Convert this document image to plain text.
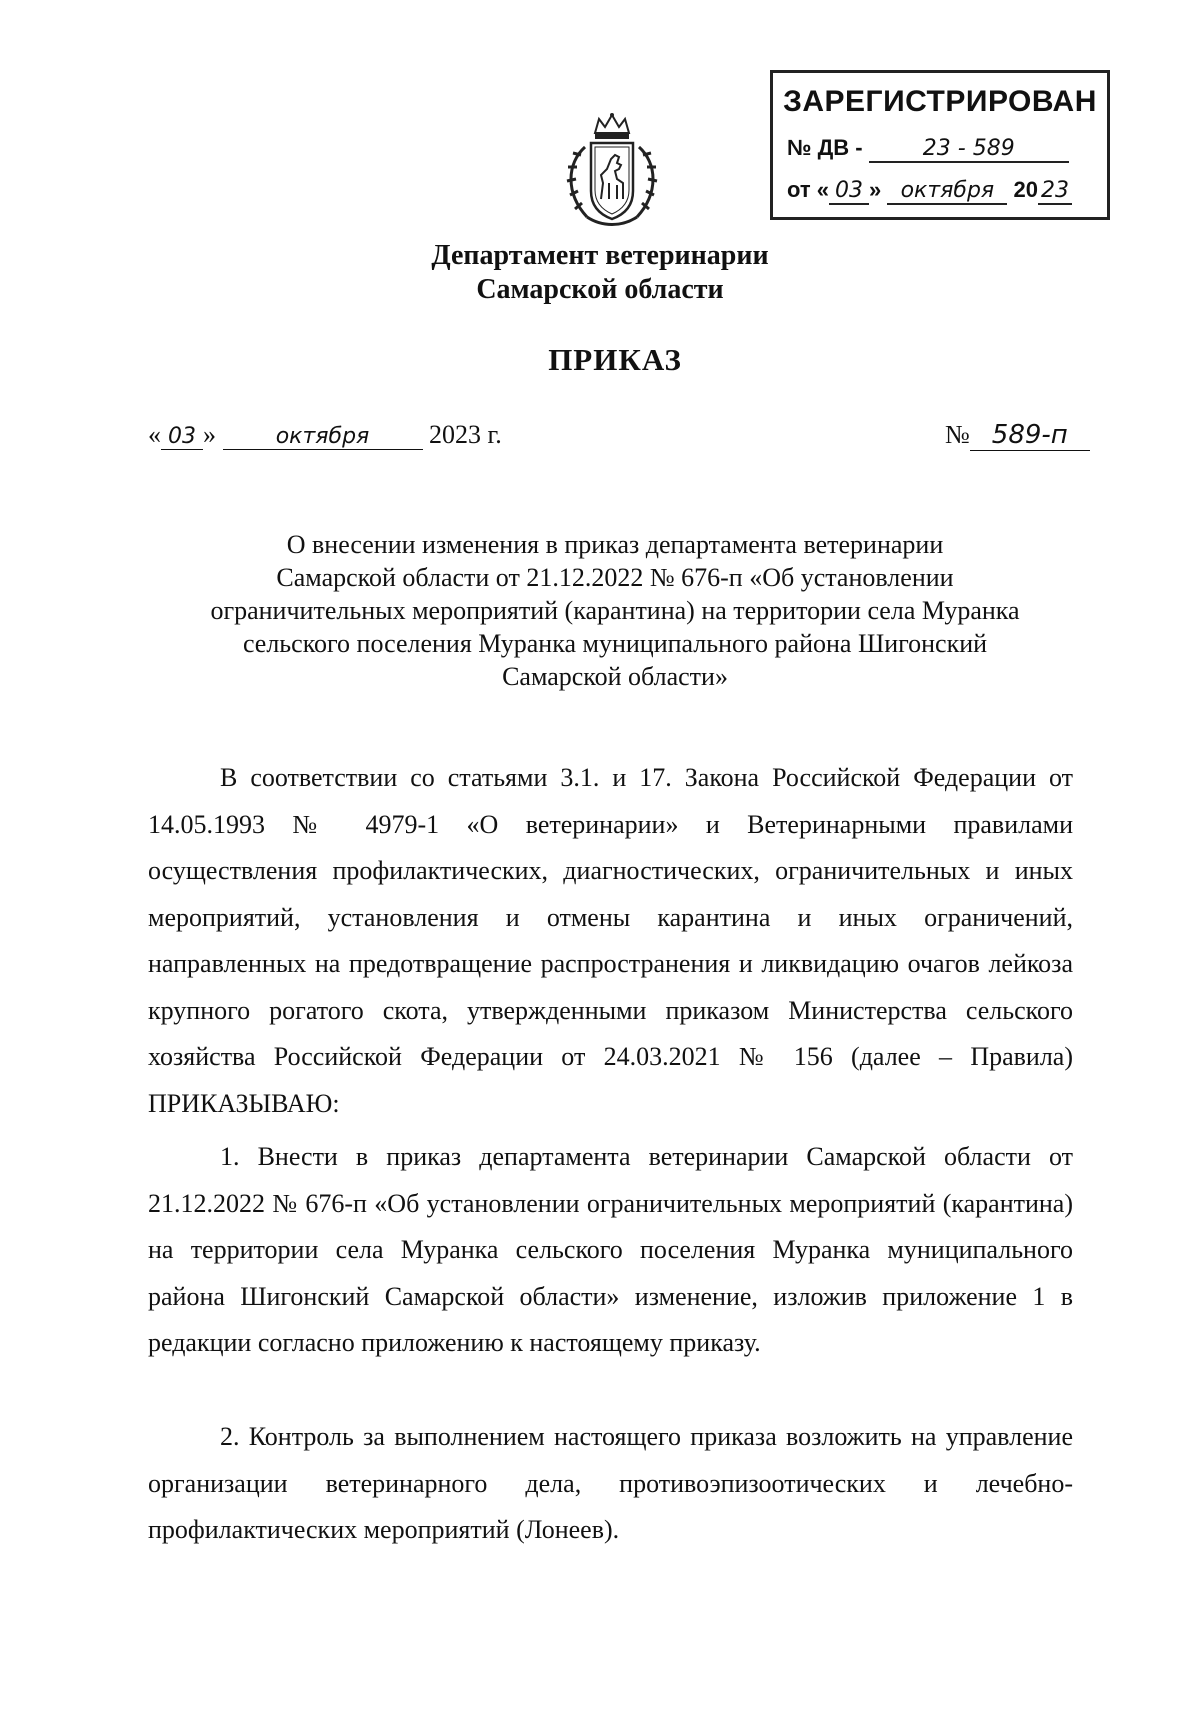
ЗАРЕГИСТРИРОВАН
№ ДВ -	23 - 589
от « 03 » октября 20 23
Департамент ветеринарии
Самарской области
ПРИКАЗ
« 03 »	октября 2023 г.	№ 589-п
О внесении изменения в приказ департамента ветеринарии
Самарской области от 21.12.2022 № 676-п «Об установлении
ограничительных мероприятий (карантина) на территории села Муранка
сельского поселения Муранка муниципального района Шигонский
Самарской области»

В соответствии со статьями 3.1. и 17. Закона Российской Федерации от 14.05.1993 № 4979-1 «О ветеринарии» и Ветеринарными правилами осуществления профилактических, диагностических, ограничительных и иных мероприятий, установления и отмены карантина и иных ограничений, направленных на предотвращение распространения и ликвидацию очагов лейкоза крупного рогатого скота, утвержденными приказом Министерства сельского хозяйства Российской Федерации от 24.03.2021 № 156 (далее – Правила) ПРИКАЗЫВАЮ:

1. Внести в приказ департамента ветеринарии Самарской области от 21.12.2022 № 676-п «Об установлении ограничительных мероприятий (карантина) на территории села Муранка сельского поселения Муранка муниципального района Шигонский Самарской области» изменение, изложив приложение 1 в редакции согласно приложению к настоящему приказу.

2. Контроль за выполнением настоящего приказа возложить на управление организации ветеринарного дела, противоэпизоотических и лечебно-профилактических мероприятий (Лонеев).
